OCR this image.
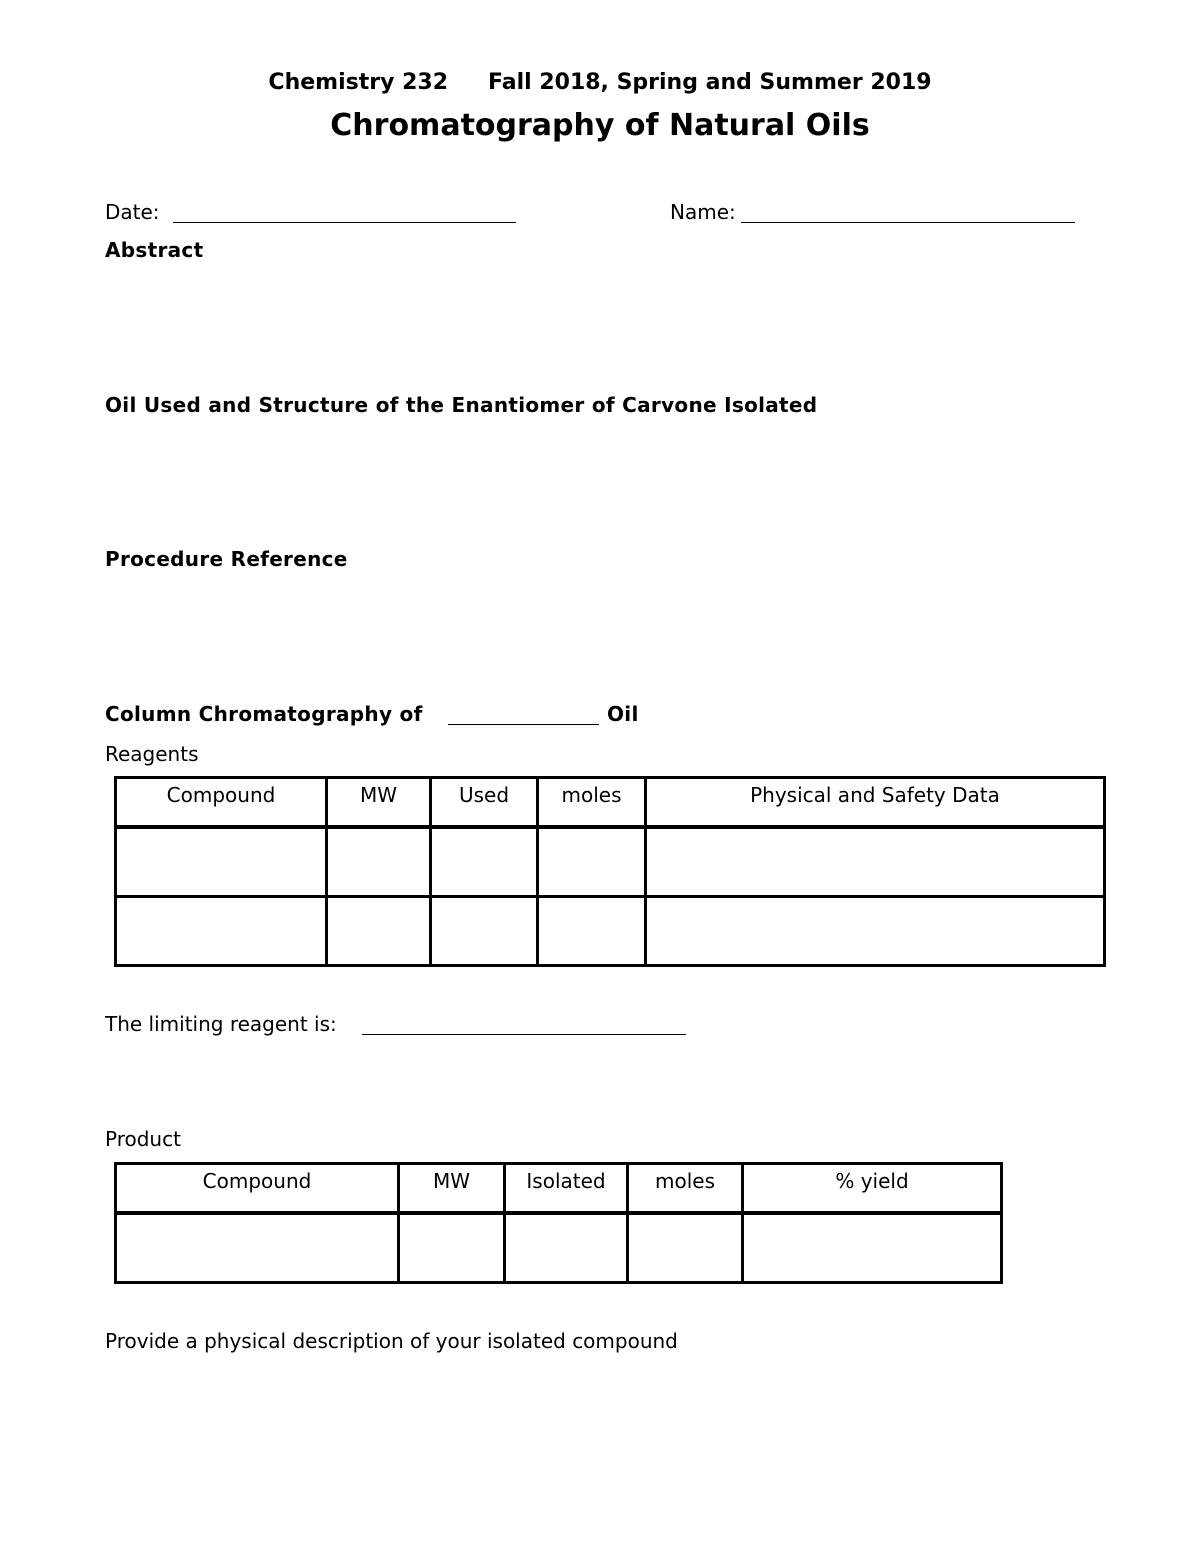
Chemistry 232 Fall 2018, Spring and Summer 2019
Chromatography of Natural Oils
Date:	Name:
Abstract
Oil Used and Structure of the Enantiomer of Carvone Isolated
Procedure Reference
Column Chromatography of	Oil
Reagents
Compound	MW	Used	moles	Physical and Safety Data

The limiting reagent is:
Product
Compound	MW	Isolated	moles	% yield

Provide a physical description of your isolated compound
